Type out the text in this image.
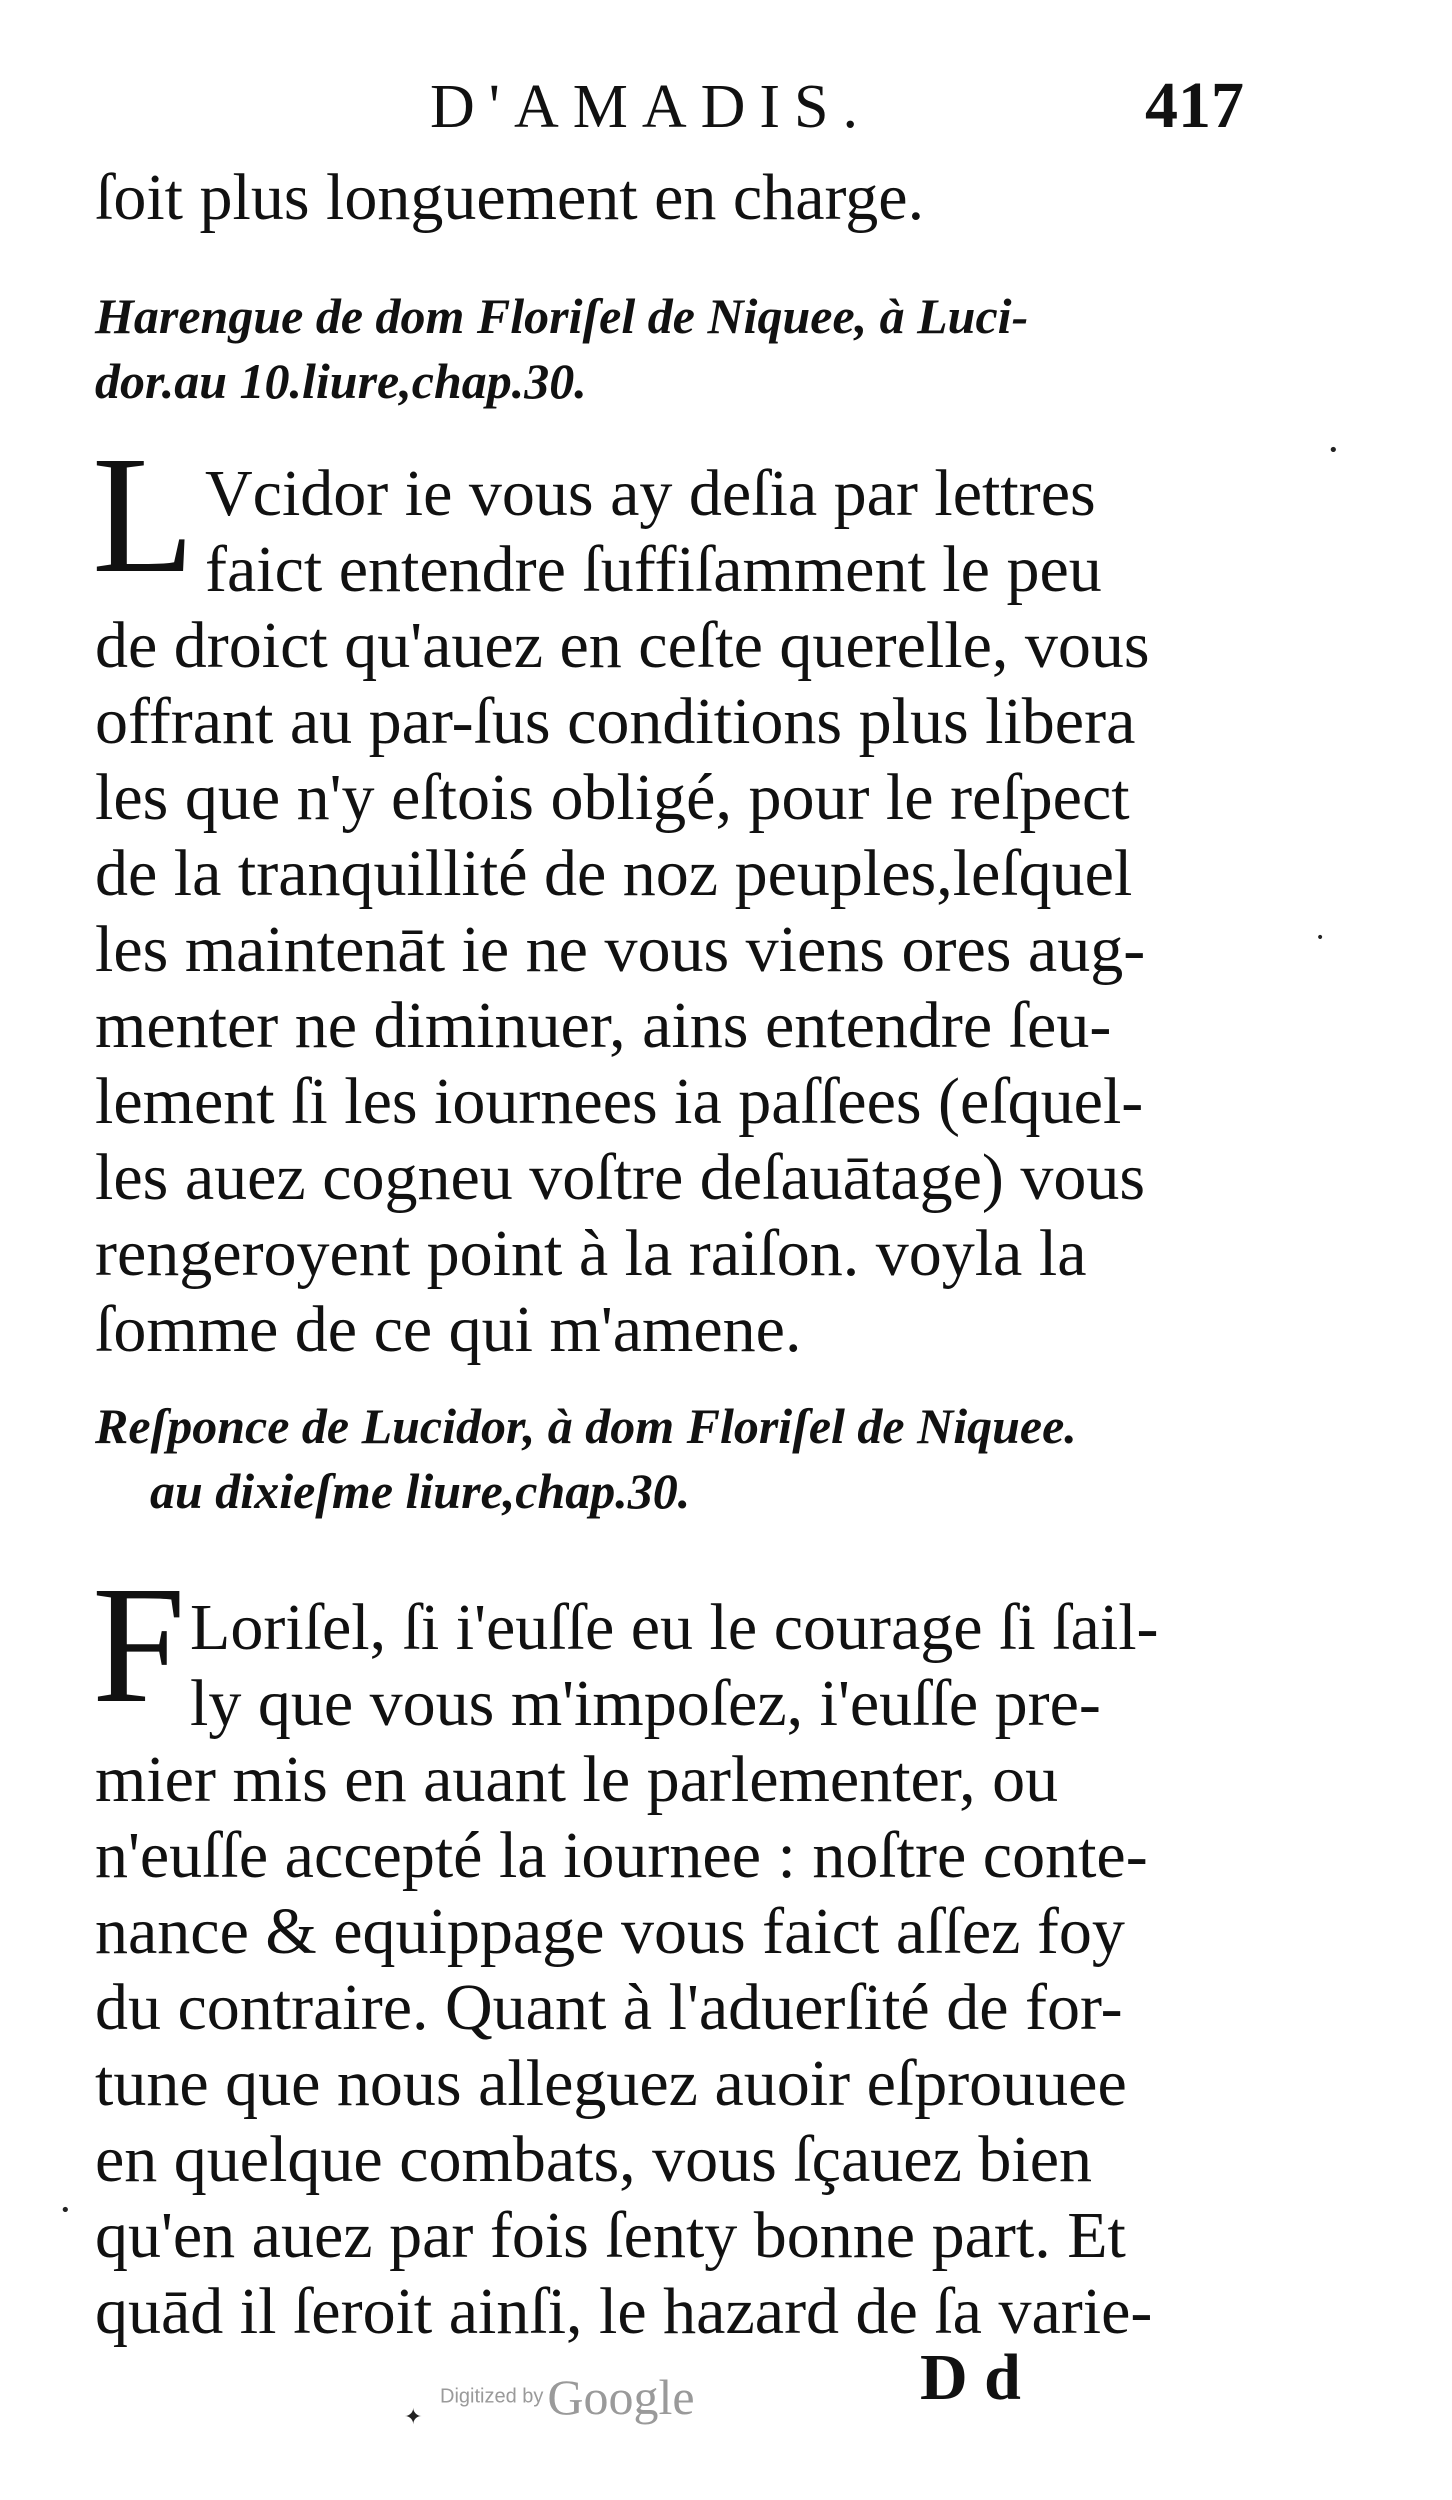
D'AMADIS.	417
ſoit plus longuement en charge.
Harengue de dom Floriſel de Niquee, à Luci-
dor.au 10.liure,chap.30.
L Vcidor ie vous ay deſia par lettres
faict entendre ſuffiſamment le peu
de droict qu'auez en ceſte querelle, vous
offrant au par-ſus conditions plus libera
les que n'y eſtois obligé, pour le reſpect
de la tranquillité de noz peuples,leſquel
les maintenāt ie ne vous viens ores aug-
menter ne diminuer, ains entendre ſeu-
lement ſi les iournees ia paſſees (eſquel-
les auez cogneu voſtre deſauātage) vous
rengeroyent point à la raiſon. voyla la
ſomme de ce qui m'amene.
Reſponce de Lucidor, à dom Floriſel de Niquee.
au dixieſme liure,chap.30.
F Loriſel, ſi i'euſſe eu le courage ſi ſail-
ly que vous m'impoſez, i'euſſe pre-
mier mis en auant le parlementer, ou
n'euſſe accepté la iournee : noſtre conte-
nance & equippage vous faict aſſez foy
du contraire. Quant à l'aduerſité de for-
tune que nous alleguez auoir eſprouuee
en quelque combats, vous ſçauez bien
qu'en auez par fois ſenty bonne part. Et
quād il ſeroit ainſi, le hazard de ſa varie-
D d
Digitized by Google
✦
•
•
•
